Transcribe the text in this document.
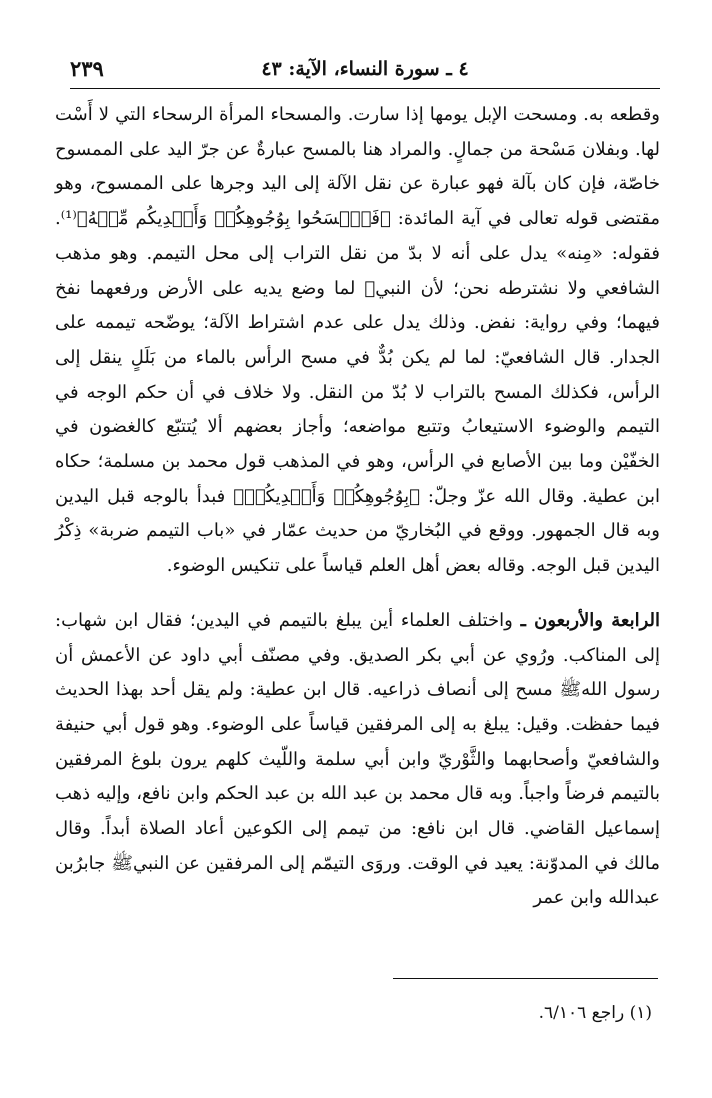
٤ ـ سورة النساء، الآية: ٤٣
٢٣٩

وقطعه به. ومسحت الإبل يومها إذا سارت. والمسحاء المرأة الرسحاء التي لا أَسْت لها. وبفلان مَسْحة من جمالٍ. والمراد هنا بالمسح عبارةٌ عن جرّ اليد على الممسوح خاصّة، فإن كان بآلة فهو عبارة عن نقل الآلة إلى اليد وجرها على الممسوح، وهو مقتضى قوله تعالى في آية المائدة: ﴿فَٱمۡسَحُوا بِوُجُوهِكُمۡ وَأَيۡدِيكُم مِّنۡهُ﴾⁽¹⁾. فقوله: «مِنه» يدل على أنه لا بدّ من نقل التراب إلى محل التيمم. وهو مذهب الشافعي ولا نشترطه نحن؛ لأن النبيﷺ لما وضع يديه على الأرض ورفعهما نفخ فيهما؛ وفي رواية: نفض. وذلك يدل على عدم اشتراط الآلة؛ يوضّحه تيممه على الجدار. قال الشافعيّ: لما لم يكن بُدٌّ في مسح الرأس بالماء من بَلَلٍ ينقل إلى الرأس، فكذلك المسح بالتراب لا بُدّ من النقل. ولا خلاف في أن حكم الوجه في التيمم والوضوء الاستيعابُ وتتبع مواضعه؛ وأجاز بعضهم ألا يُتتبّع كالغضون في الخفّيْن وما بين الأصابع في الرأس، وهو في المذهب قول محمد بن مسلمة؛ حكاه ابن عطية. وقال الله عزّ وجلّ: ﴿بِوُجُوهِكُمۡ وَأَيۡدِيكُمۡ﴾ فبدأ بالوجه قبل اليدين وبه قال الجمهور. ووقع في البُخاريّ من حديث عمّار في «باب التيمم ضربة» ذِكْرُ اليدين قبل الوجه. وقاله بعض أهل العلم قياساً على تنكيس الوضوء.

الرابعة والأربعون ـ واختلف العلماء أين يبلغ بالتيمم في اليدين؛ فقال ابن شهاب: إلى المناكب. ورُوي عن أبي بكر الصديق. وفي مصنّف أبي داود عن الأعمش أن رسول اللهﷺ مسح إلى أنصاف ذراعيه. قال ابن عطية: ولم يقل أحد بهذا الحديث فيما حفظت. وقيل: يبلغ به إلى المرفقين قياساً على الوضوء. وهو قول أبي حنيفة والشافعيّ وأصحابهما والثَّوْريّ وابن أبي سلمة واللّيث كلهم يرون بلوغ المرفقين بالتيمم فرضاً واجباً. وبه قال محمد بن عبد الله بن عبد الحكم وابن نافع، وإليه ذهب إسماعيل القاضي. قال ابن نافع: من تيمم إلى الكوعين أعاد الصلاة أبداً. وقال مالك في المدوّنة: يعيد في الوقت. وروَى التيمّم إلى المرفقين عن النبيﷺ جابرُبن عبدالله وابن عمر

(١) راجع ٦/١٠٦.
